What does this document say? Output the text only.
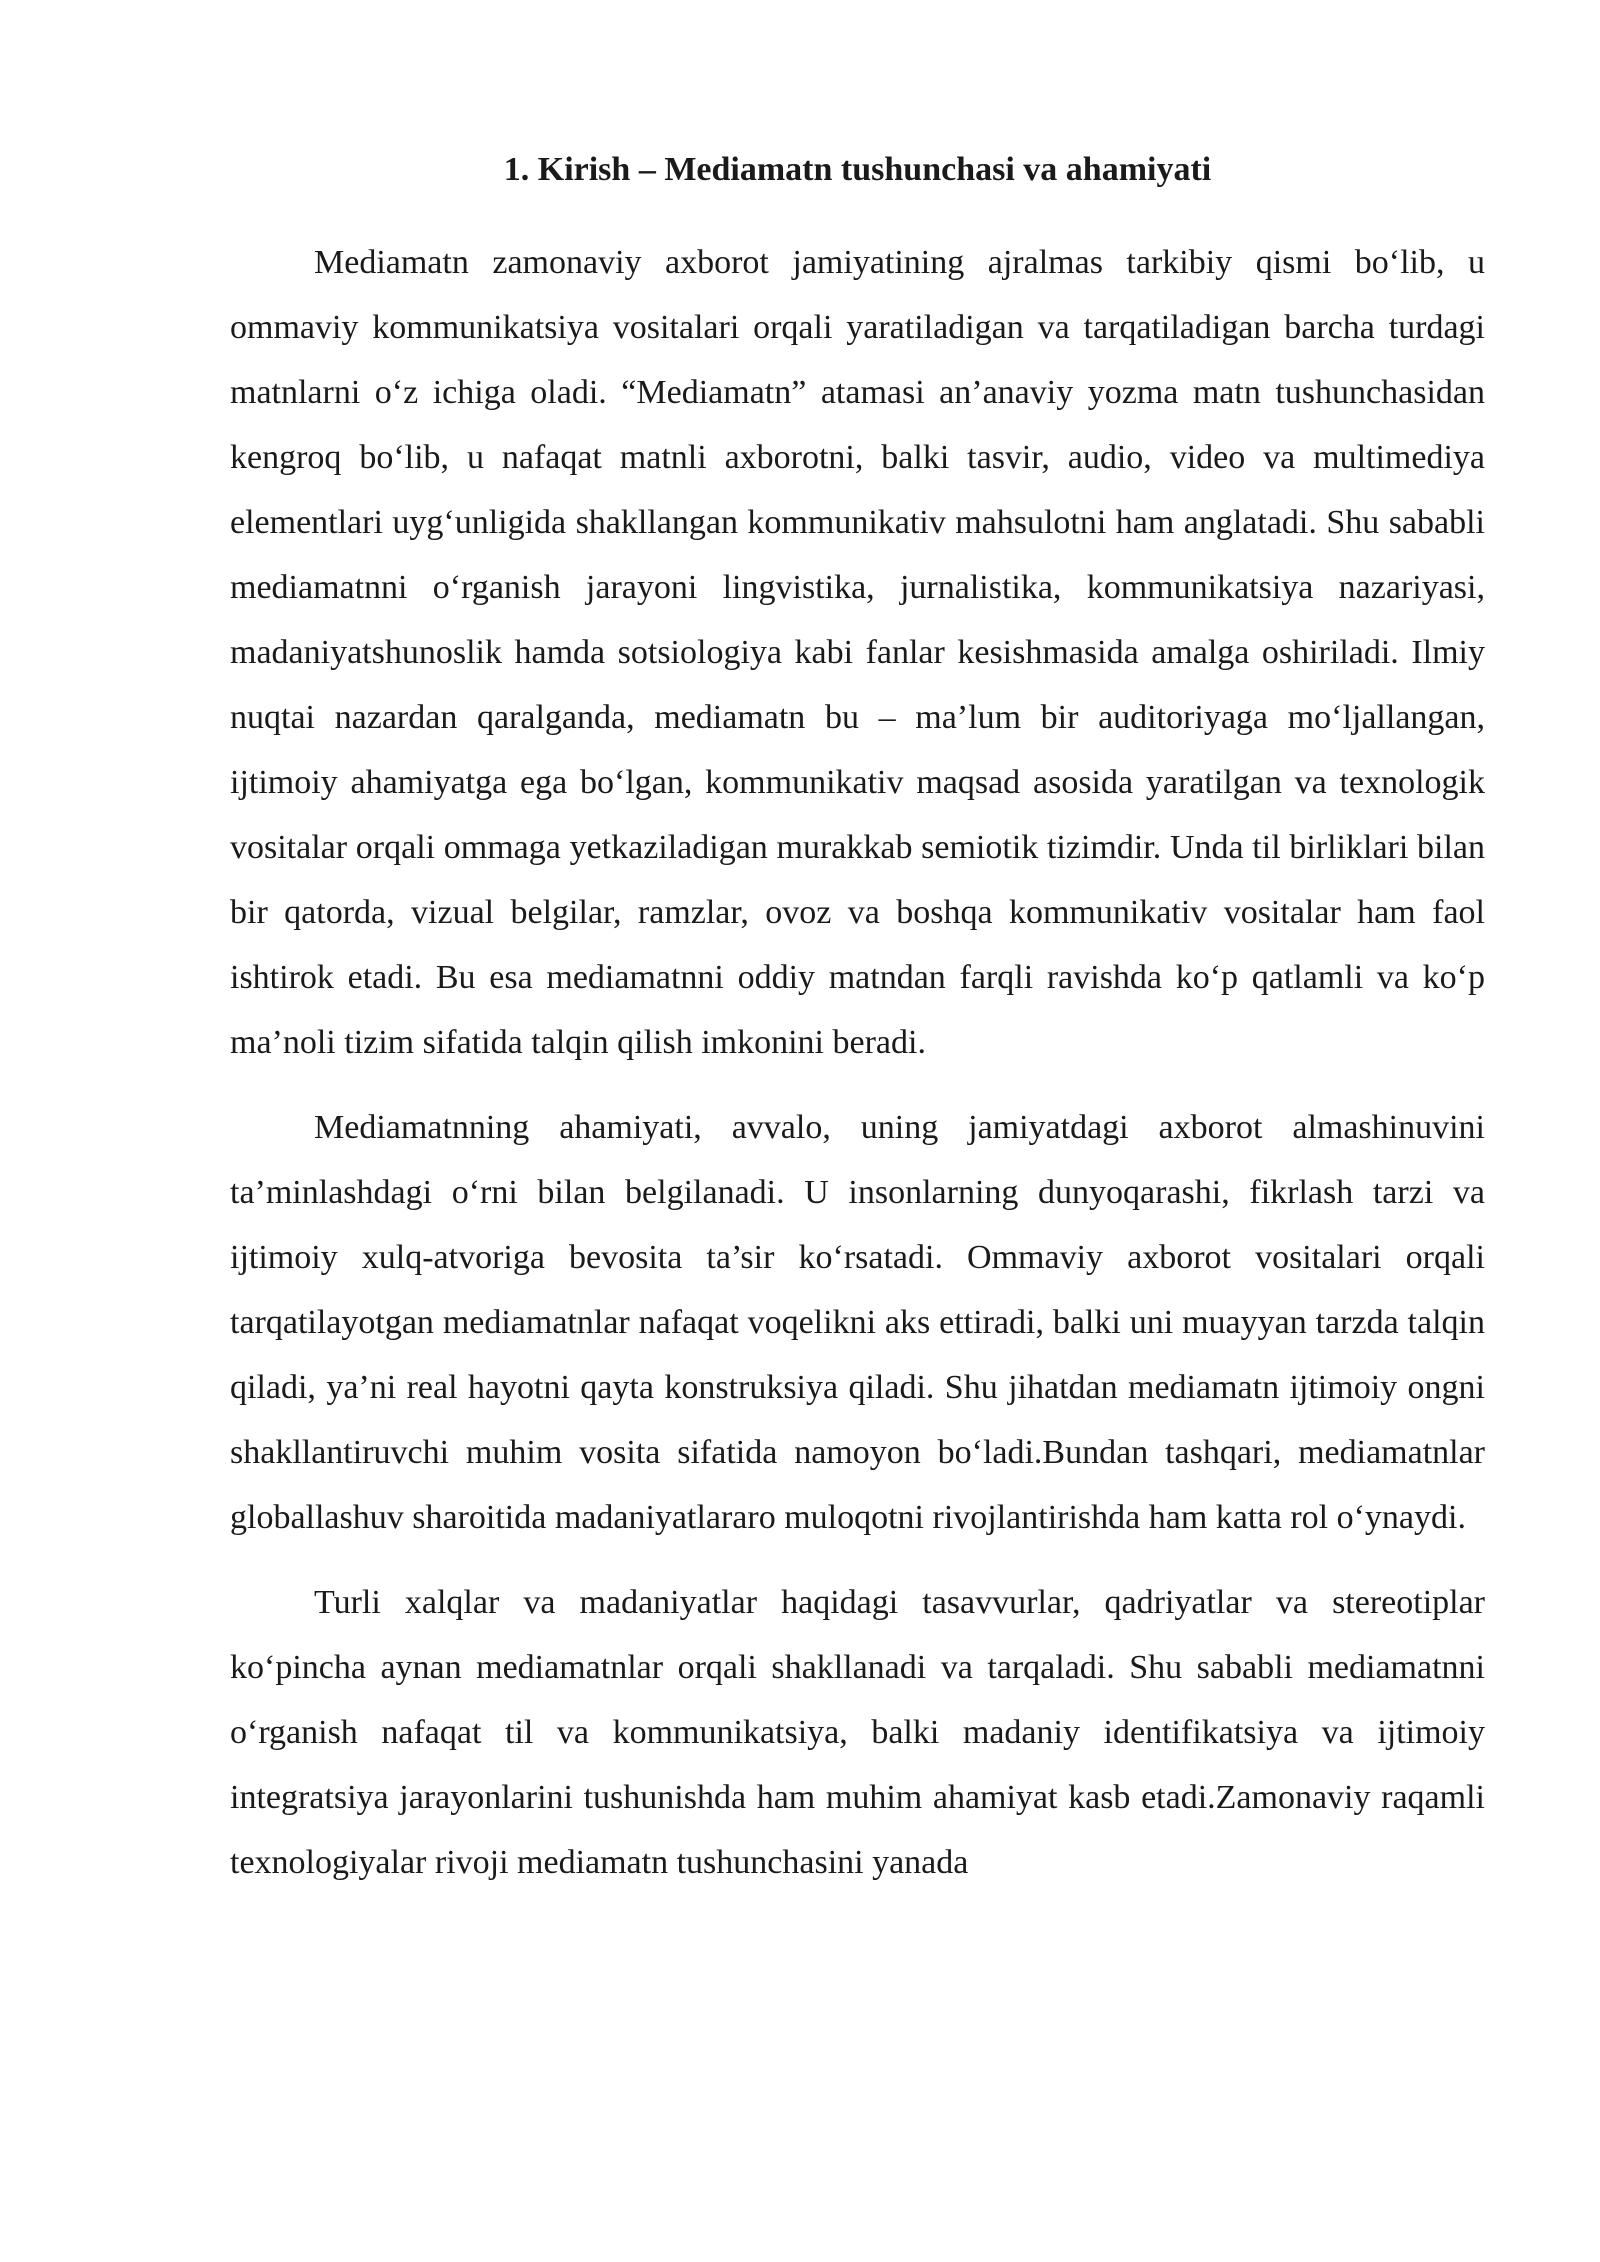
1. Kirish – Mediamatn tushunchasi va ahamiyati

Mediamatn zamonaviy axborot jamiyatining ajralmas tarkibiy qismi bo‘lib, u ommaviy kommunikatsiya vositalari orqali yaratiladigan va tarqatiladigan barcha turdagi matnlarni o‘z ichiga oladi. “Mediamatn” atamasi an’anaviy yozma matn tushunchasidan kengroq bo‘lib, u nafaqat matnli axborotni, balki tasvir, audio, video va multimediya elementlari uyg‘unligida shakllangan kommunikativ mahsulotni ham anglatadi. Shu sababli mediamatnni o‘rganish jarayoni lingvistika, jurnalistika, kommunikatsiya nazariyasi, madaniyatshunoslik hamda sotsiologiya kabi fanlar kesishmasida amalga oshiriladi. Ilmiy nuqtai nazardan qaralganda, mediamatn bu – ma’lum bir auditoriyaga mo‘ljallangan, ijtimoiy ahamiyatga ega bo‘lgan, kommunikativ maqsad asosida yaratilgan va texnologik vositalar orqali ommaga yetkaziladigan murakkab semiotik tizimdir. Unda til birliklari bilan bir qatorda, vizual belgilar, ramzlar, ovoz va boshqa kommunikativ vositalar ham faol ishtirok etadi. Bu esa mediamatnni oddiy matndan farqli ravishda ko‘p qatlamli va ko‘p ma’noli tizim sifatida talqin qilish imkonini beradi.

Mediamatnning ahamiyati, avvalo, uning jamiyatdagi axborot almashinuvini ta’minlashdagi o‘rni bilan belgilanadi. U insonlarning dunyoqarashi, fikrlash tarzi va ijtimoiy xulq-atvoriga bevosita ta’sir ko‘rsatadi. Ommaviy axborot vositalari orqali tarqatilayotgan mediamatnlar nafaqat voqelikni aks ettiradi, balki uni muayyan tarzda talqin qiladi, ya’ni real hayotni qayta konstruksiya qiladi. Shu jihatdan mediamatn ijtimoiy ongni shakllantiruvchi muhim vosita sifatida namoyon bo‘ladi.Bundan tashqari, mediamatnlar globallashuv sharoitida madaniyatlararo muloqotni rivojlantirishda ham katta rol o‘ynaydi.

Turli xalqlar va madaniyatlar haqidagi tasavvurlar, qadriyatlar va stereotiplar ko‘pincha aynan mediamatnlar orqali shakllanadi va tarqaladi. Shu sababli mediamatnni o‘rganish nafaqat til va kommunikatsiya, balki madaniy identifikatsiya va ijtimoiy integratsiya jarayonlarini tushunishda ham muhim ahamiyat kasb etadi.Zamonaviy raqamli texnologiyalar rivoji mediamatn tushunchasini yanada
